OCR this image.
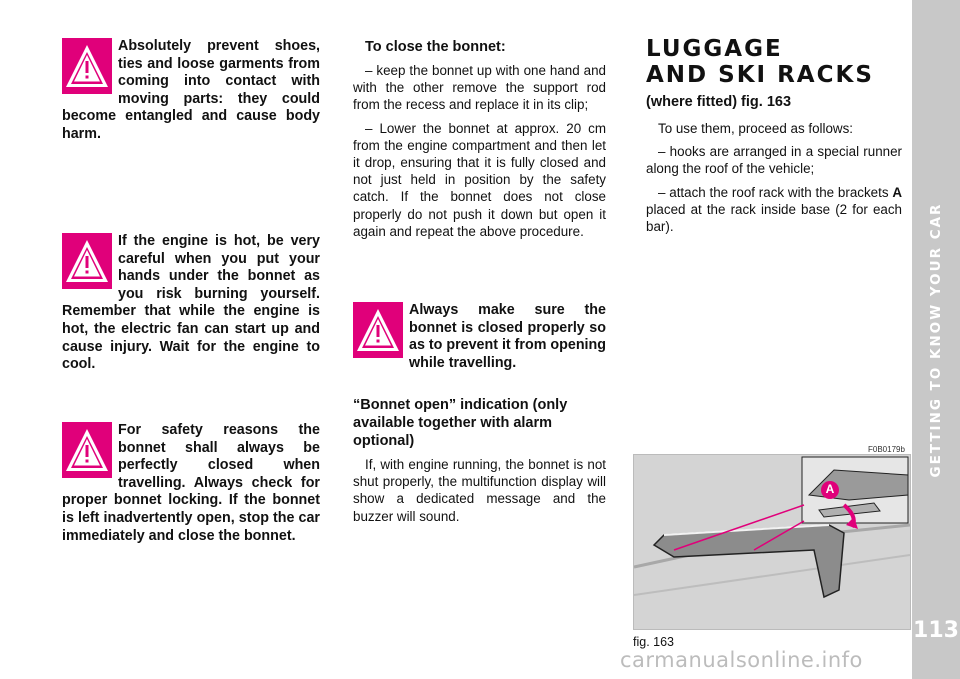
GETTING TO KNOW YOUR CAR
113
Absolutely prevent shoes, ties and loose garments from coming into contact with moving parts: they could become entangled and cause body harm.
If the engine is hot, be very careful when you put your hands under the bonnet as you risk burning yourself. Remember that while the engine is hot, the electric fan can start up and cause injury. Wait for the engine to cool.
For safety reasons the bonnet shall always be perfectly closed when travelling. Always check for proper bonnet locking. If the bonnet is left inadvertently open, stop the car immediately and close the bonnet.
To close the bonnet:
– keep the bonnet up with one hand and with the other remove the support rod from the recess and replace it in its clip;
– Lower the bonnet at approx. 20 cm from the engine compartment and then let it drop, ensuring that it is fully closed and not just held in position by the safety catch. If the bonnet does not close properly do not push it down but open it again and repeat the above procedure.
Always make sure the bonnet is closed properly so as to prevent it from opening while travelling.
“Bonnet open” indication (only available together with alarm optional)
If, with engine running, the bonnet is not shut properly, the multifunction display will show a dedicated message and the buzzer will sound.
LUGGAGE
AND SKI RACKS
(where fitted) fig. 163
To use them, proceed as follows:
– hooks are arranged in a special runner along the roof of the vehicle;
– attach the roof rack with the brackets A placed at the rack inside base (2 for each bar).
F0B0179b
A
fig. 163
carmanualsonline.info
